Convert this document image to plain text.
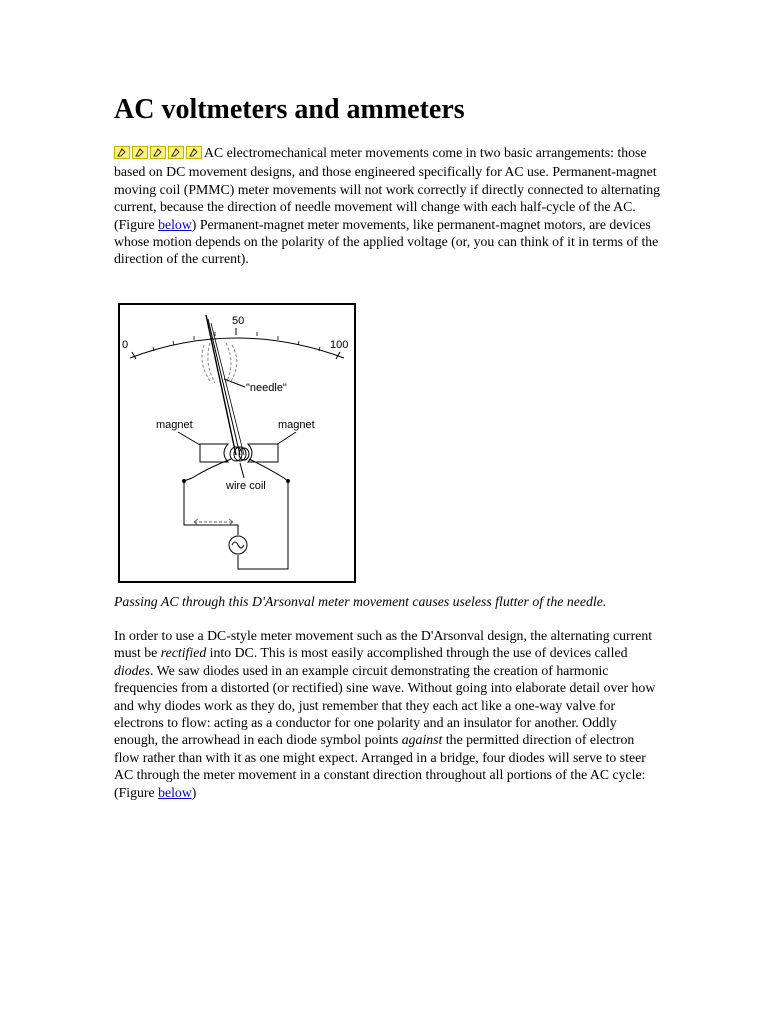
AC voltmeters and ammeters

AC electromechanical meter movements come in two basic arrangements: those based on DC movement designs, and those engineered specifically for AC use. Permanent-magnet moving coil (PMMC) meter movements will not work correctly if directly connected to alternating current, because the direction of needle movement will change with each half-cycle of the AC. (Figure below) Permanent-magnet meter movements, like permanent-magnet motors, are devices whose motion depends on the polarity of the applied voltage (or, you can think of it in terms of the direction of the current).

50
0	100
"needle"
magnet	magnet
wire coil

Passing AC through this D'Arsonval meter movement causes useless flutter of the needle.

In order to use a DC-style meter movement such as the D'Arsonval design, the alternating current must be rectified into DC. This is most easily accomplished through the use of devices called diodes. We saw diodes used in an example circuit demonstrating the creation of harmonic frequencies from a distorted (or rectified) sine wave. Without going into elaborate detail over how and why diodes work as they do, just remember that they each act like a one-way valve for electrons to flow: acting as a conductor for one polarity and an insulator for another. Oddly enough, the arrowhead in each diode symbol points against the permitted direction of electron flow rather than with it as one might expect. Arranged in a bridge, four diodes will serve to steer AC through the meter movement in a constant direction throughout all portions of the AC cycle: (Figure below)
